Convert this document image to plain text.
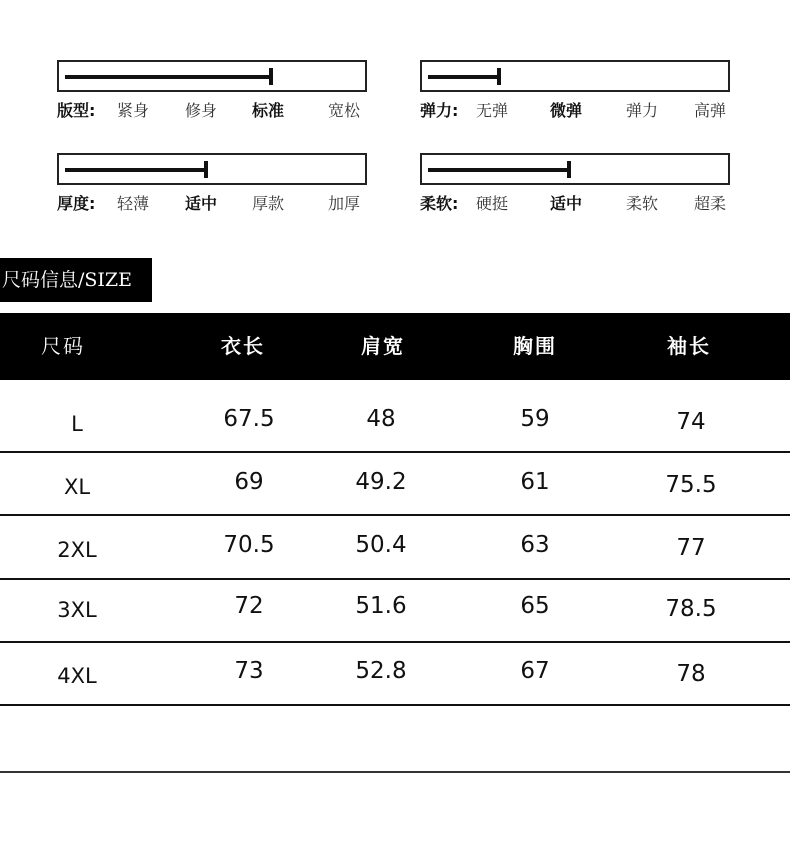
版型: 紧身 修身 标准	宽松	弹力: 无弹	微弹	弹力 高弹
厚度: 轻薄 适中 厚款	加厚	柔软: 硬挺	适中	柔软 超柔
尺码信息/SIZE
尺码	衣长	肩宽	胸围	袖长
L	67.5	48	59	74
XL	69	49.2	61	75.5
2XL	70.5	50.4	63	77
3XL	72	51.6	65	78.5
4XL	73	52.8	67	78
